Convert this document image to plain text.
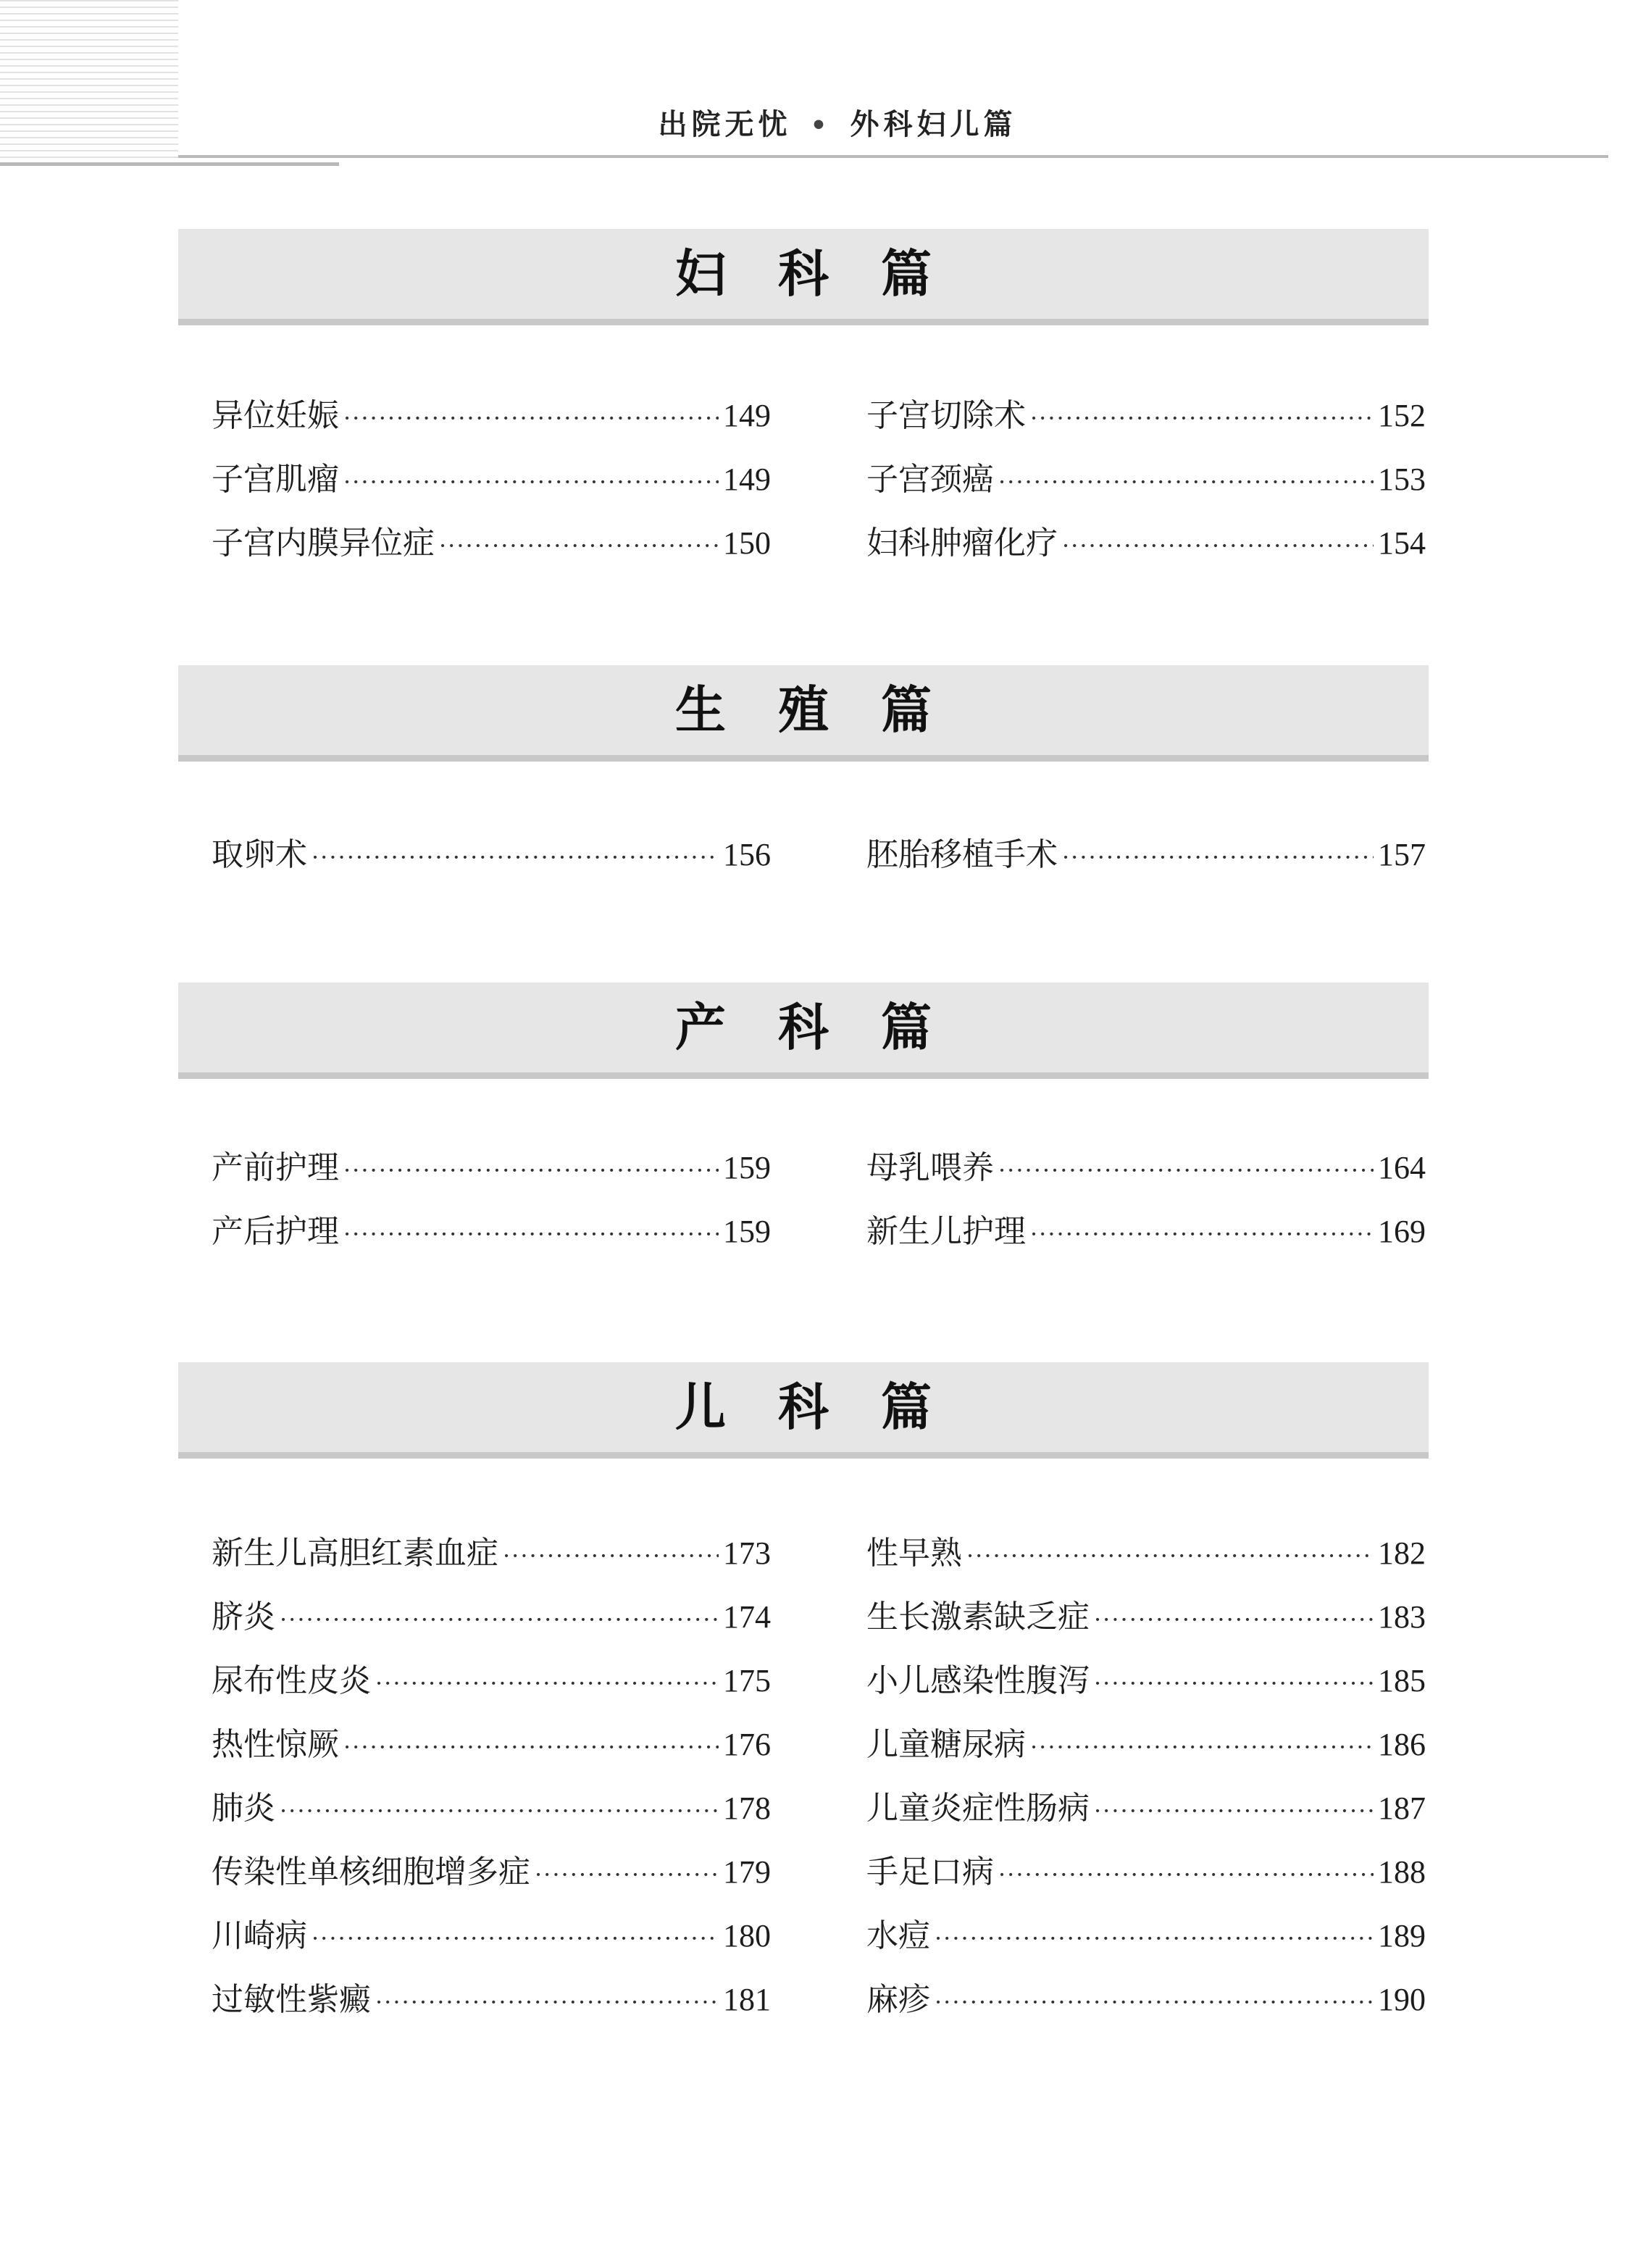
出院无忧 • 外科妇儿篇
妇科篇
异位妊娠 ·····	149
子宫肌瘤 ·····	149
子宫内膜异位症 ·····	150
子宫切除术 ·····	152
子宫颈癌 ·····	153
妇科肿瘤化疗 ·····	154
生殖篇
取卵术 ·····	156	胚胎移植手术 ·····	157
产科篇
产前护理 ·····	159
产后护理 ·····	159
母乳喂养 ·····	164
新生儿护理 ·····	169
儿科篇
新生儿高胆红素血症 ·····	173
脐炎 ·····	174
尿布性皮炎 ·····	175
热性惊厥 ·····	176
肺炎 ·····	178
传染性单核细胞增多症 ·····	179
川崎病 ·····	180
过敏性紫癜 ·····	181
性早熟 ·····	182
生长激素缺乏症 ·····	183
小儿感染性腹泻 ·····	185
儿童糖尿病 ·····	186
儿童炎症性肠病 ·····	187
手足口病 ·····	188
水痘 ·····	189
麻疹 ·····	190
